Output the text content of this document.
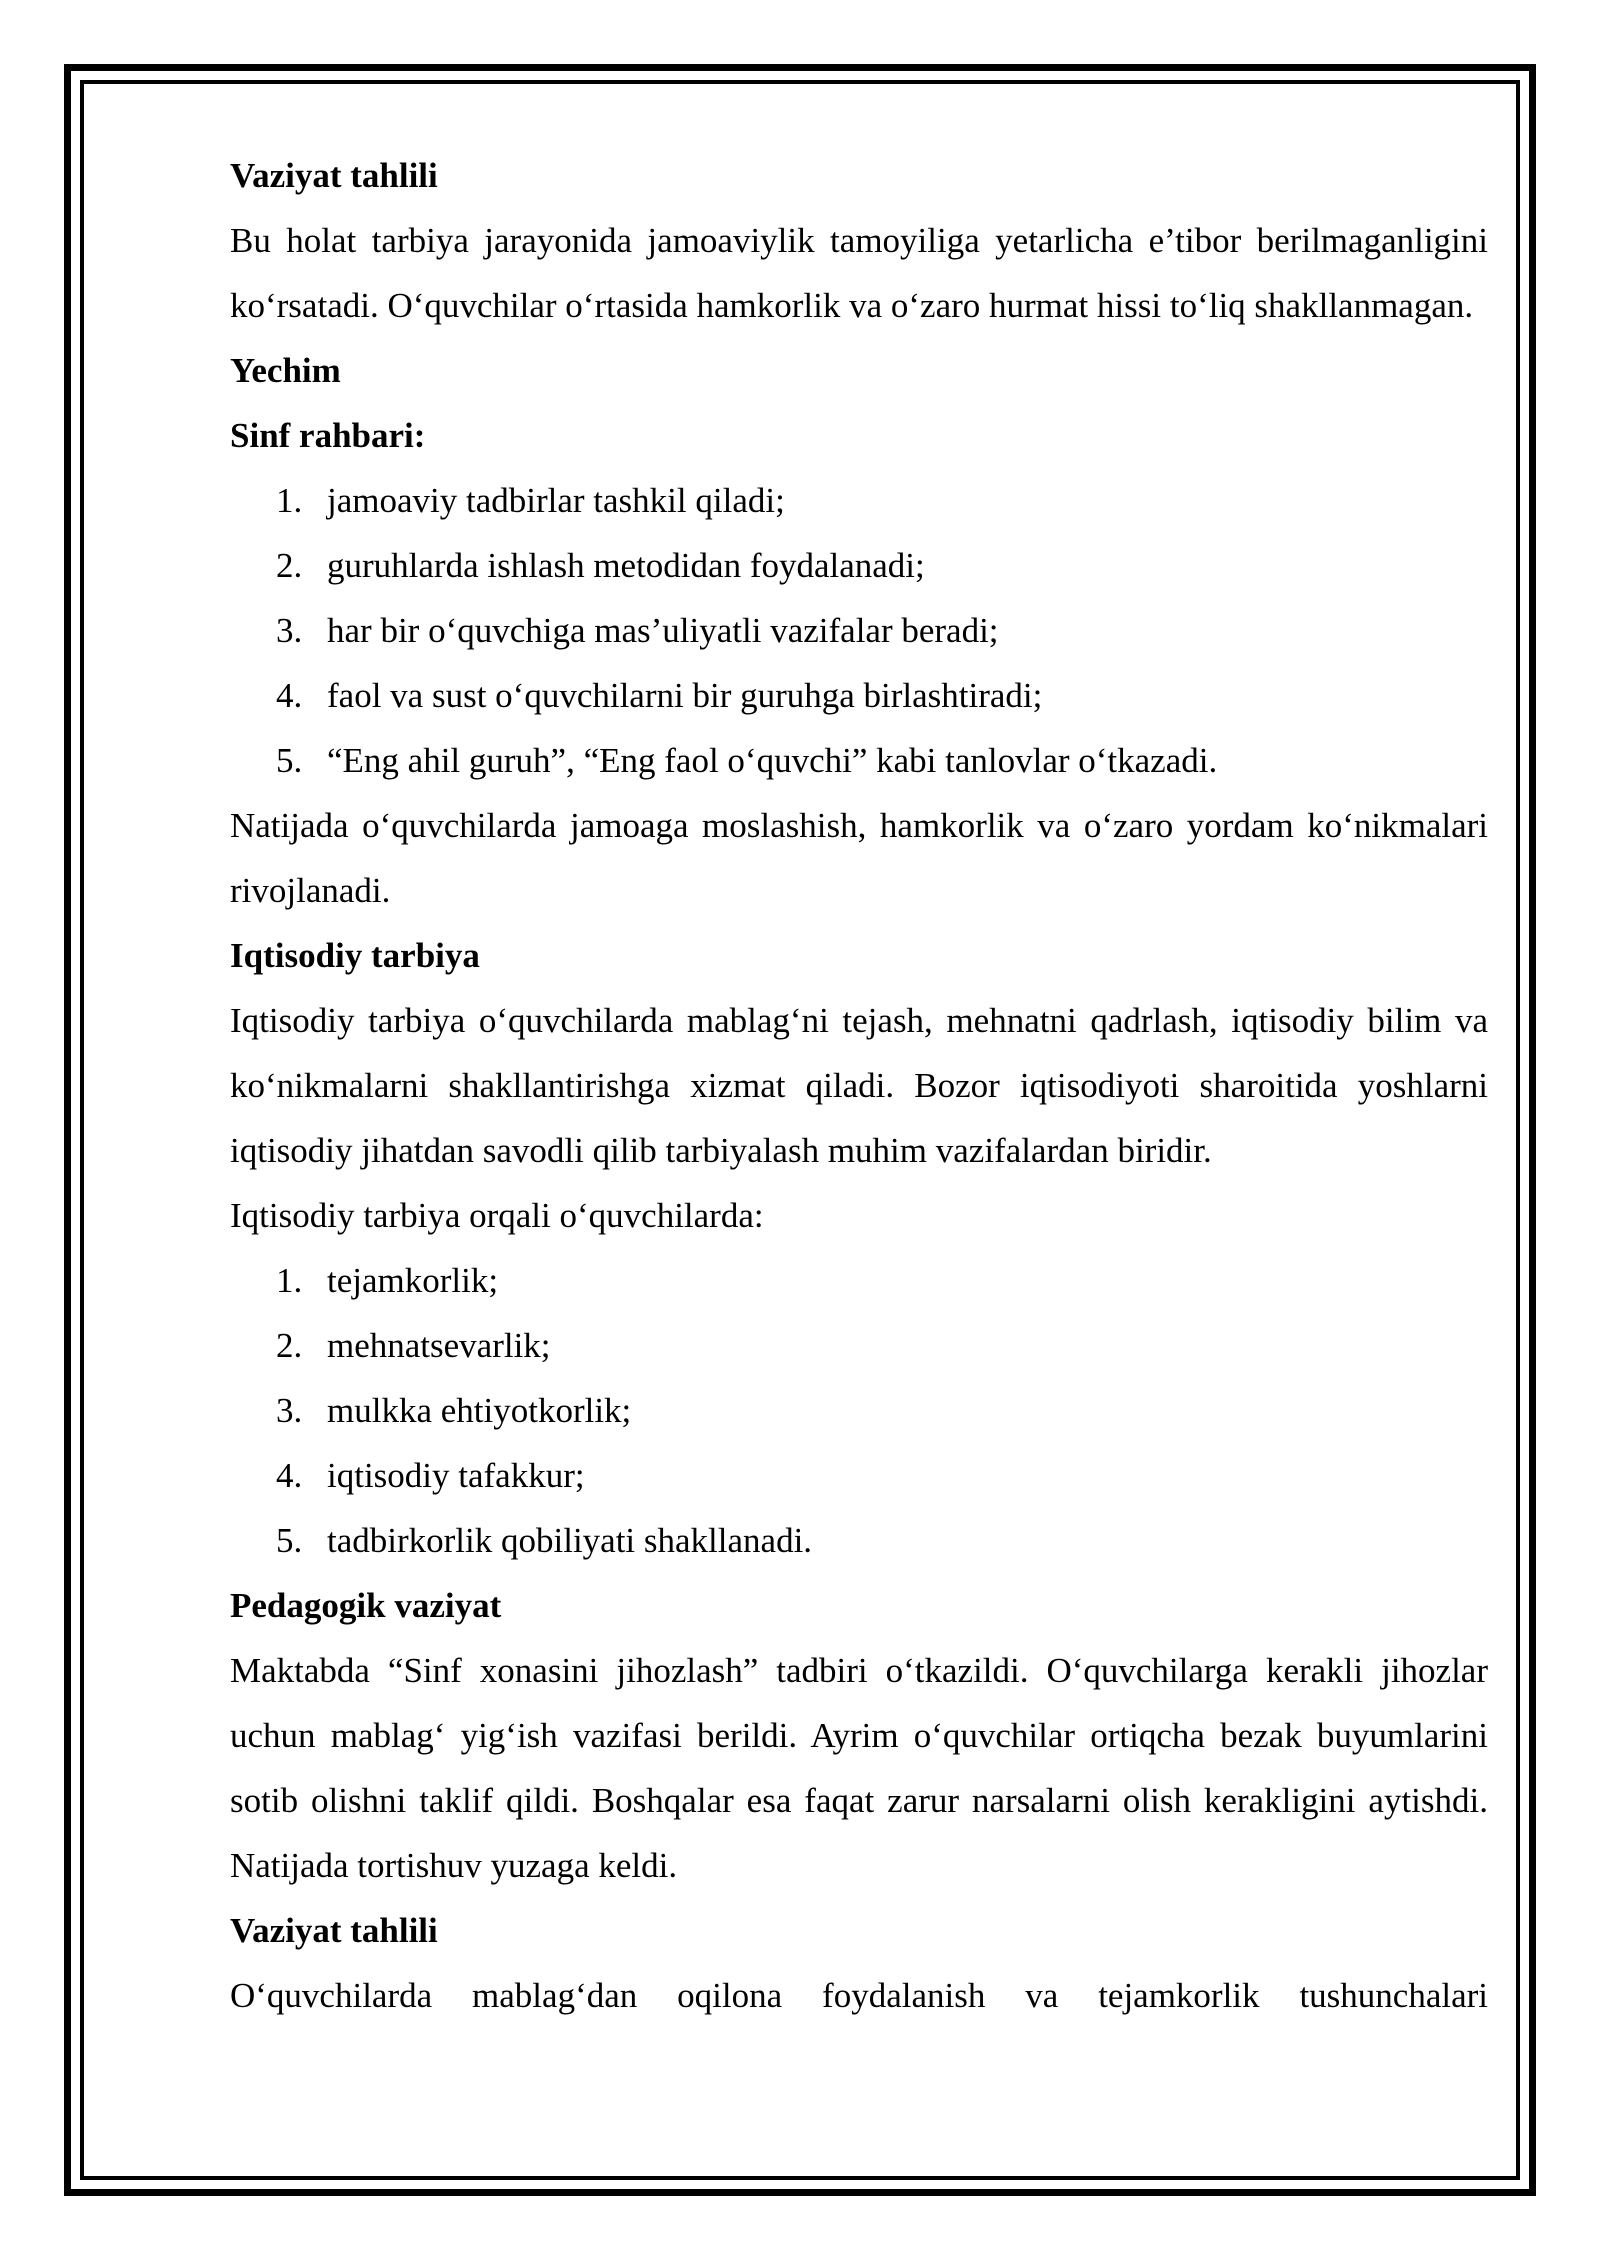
Vaziyat tahlili

Bu holat tarbiya jarayonida jamoaviylik tamoyiliga yetarlicha e’tibor berilmaganligini ko‘rsatadi. O‘quvchilar o‘rtasida hamkorlik va o‘zaro hurmat hissi to‘liq shakllanmagan.

Yechim

Sinf rahbari:

1. jamoaviy tadbirlar tashkil qiladi;
2. guruhlarda ishlash metodidan foydalanadi;
3. har bir o‘quvchiga mas’uliyatli vazifalar beradi;
4. faol va sust o‘quvchilarni bir guruhga birlashtiradi;
5. “Eng ahil guruh”, “Eng faol o‘quvchi” kabi tanlovlar o‘tkazadi.

Natijada o‘quvchilarda jamoaga moslashish, hamkorlik va o‘zaro yordam ko‘nikmalari rivojlanadi.

Iqtisodiy tarbiya

Iqtisodiy tarbiya o‘quvchilarda mablag‘ni tejash, mehnatni qadrlash, iqtisodiy bilim va ko‘nikmalarni shakllantirishga xizmat qiladi. Bozor iqtisodiyoti sharoitida yoshlarni iqtisodiy jihatdan savodli qilib tarbiyalash muhim vazifalardan biridir.

Iqtisodiy tarbiya orqali o‘quvchilarda:

1. tejamkorlik;
2. mehnatsevarlik;
3. mulkka ehtiyotkorlik;
4. iqtisodiy tafakkur;
5. tadbirkorlik qobiliyati shakllanadi.

Pedagogik vaziyat

Maktabda “Sinf xonasini jihozlash” tadbiri o‘tkazildi. O‘quvchilarga kerakli jihozlar uchun mablag‘ yig‘ish vazifasi berildi. Ayrim o‘quvchilar ortiqcha bezak buyumlarini sotib olishni taklif qildi. Boshqalar esa faqat zarur narsalarni olish kerakligini aytishdi. Natijada tortishuv yuzaga keldi.

Vaziyat tahlili

O‘quvchilarda mablag‘dan oqilona foydalanish va tejamkorlik tushunchalari
